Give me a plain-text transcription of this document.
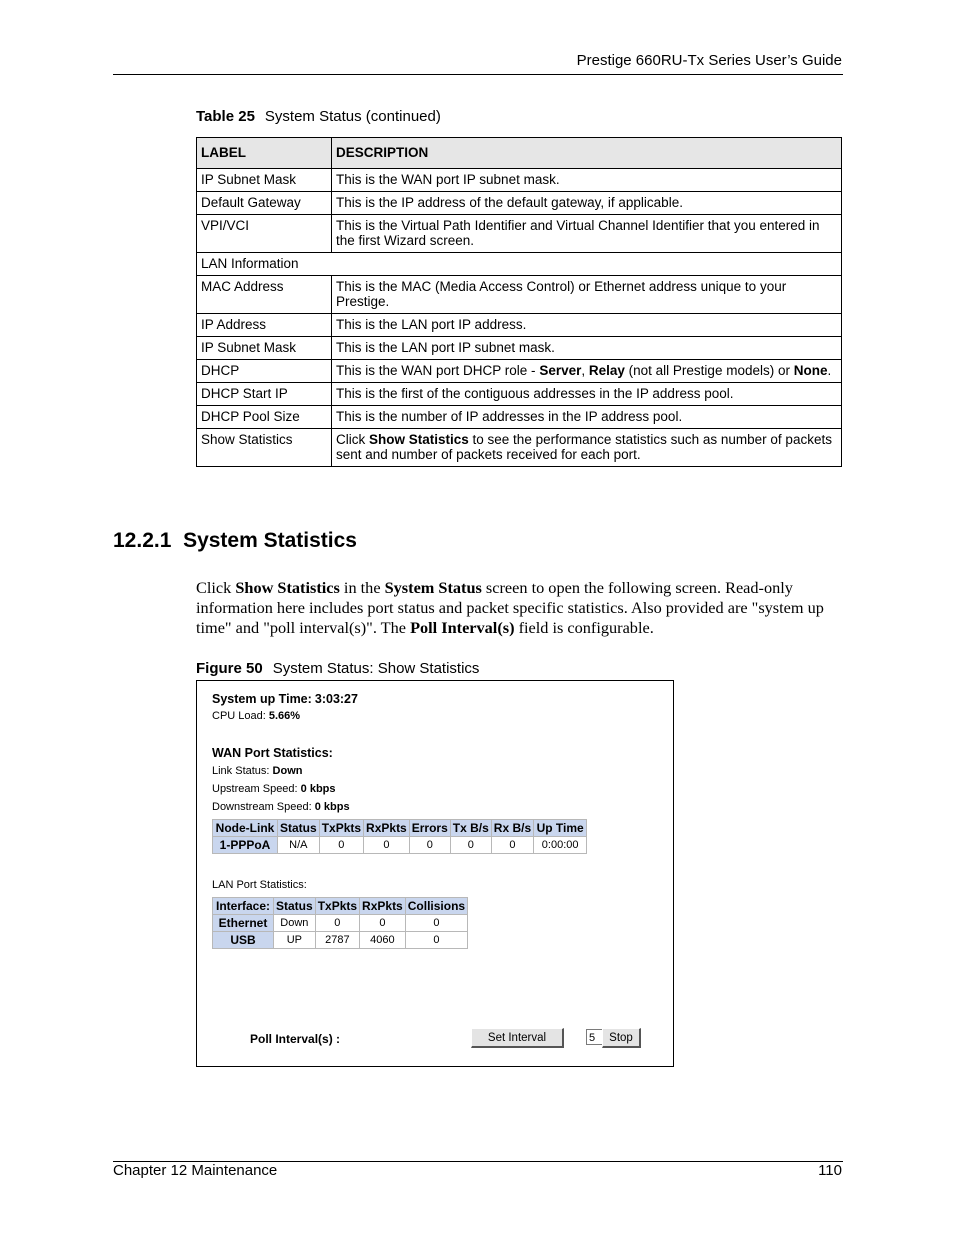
Prestige 660RU-Tx Series User’s Guide
Table 25 System Status (continued)
LABEL	DESCRIPTION
IP Subnet Mask	This is the WAN port IP subnet mask.
Default Gateway	This is the IP address of the default gateway, if applicable.
VPI/VCI	This is the Virtual Path Identifier and Virtual Channel Identifier that you entered in the first Wizard screen.
LAN Information	
MAC Address	This is the MAC (Media Access Control) or Ethernet address unique to your Prestige.
IP Address	This is the LAN port IP address.
IP Subnet Mask	This is the LAN port IP subnet mask.
DHCP	This is the WAN port DHCP role - Server, Relay (not all Prestige models) or None.
DHCP Start IP	This is the first of the contiguous addresses in the IP address pool.
DHCP Pool Size	This is the number of IP addresses in the IP address pool.
Show Statistics	Click Show Statistics to see the performance statistics such as number of packets sent and number of packets received for each port.
12.2.1 System Statistics
Click Show Statistics in the System Status screen to open the following screen. Read-only information here includes port status and packet specific statistics. Also provided are "system up time" and "poll interval(s)". The Poll Interval(s) field is configurable.
Figure 50 System Status: Show Statistics
System up Time: 3:03:27
CPU Load: 5.66%
WAN Port Statistics:
Link Status: Down
Upstream Speed: 0 kbps
Downstream Speed: 0 kbps
Node-Link	Status	TxPkts	RxPkts	Errors	Tx B/s	Rx B/s	Up Time
1-PPPoA	N/A	0	0	0	0	0	0:00:00
LAN Port Statistics:
Interface:	Status	TxPkts	RxPkts	Collisions
Ethernet	Down	0	0	0
USB	UP	2787	4060	0
Poll Interval(s) :	5
Set Interval	Stop
Chapter 12 Maintenance	110
